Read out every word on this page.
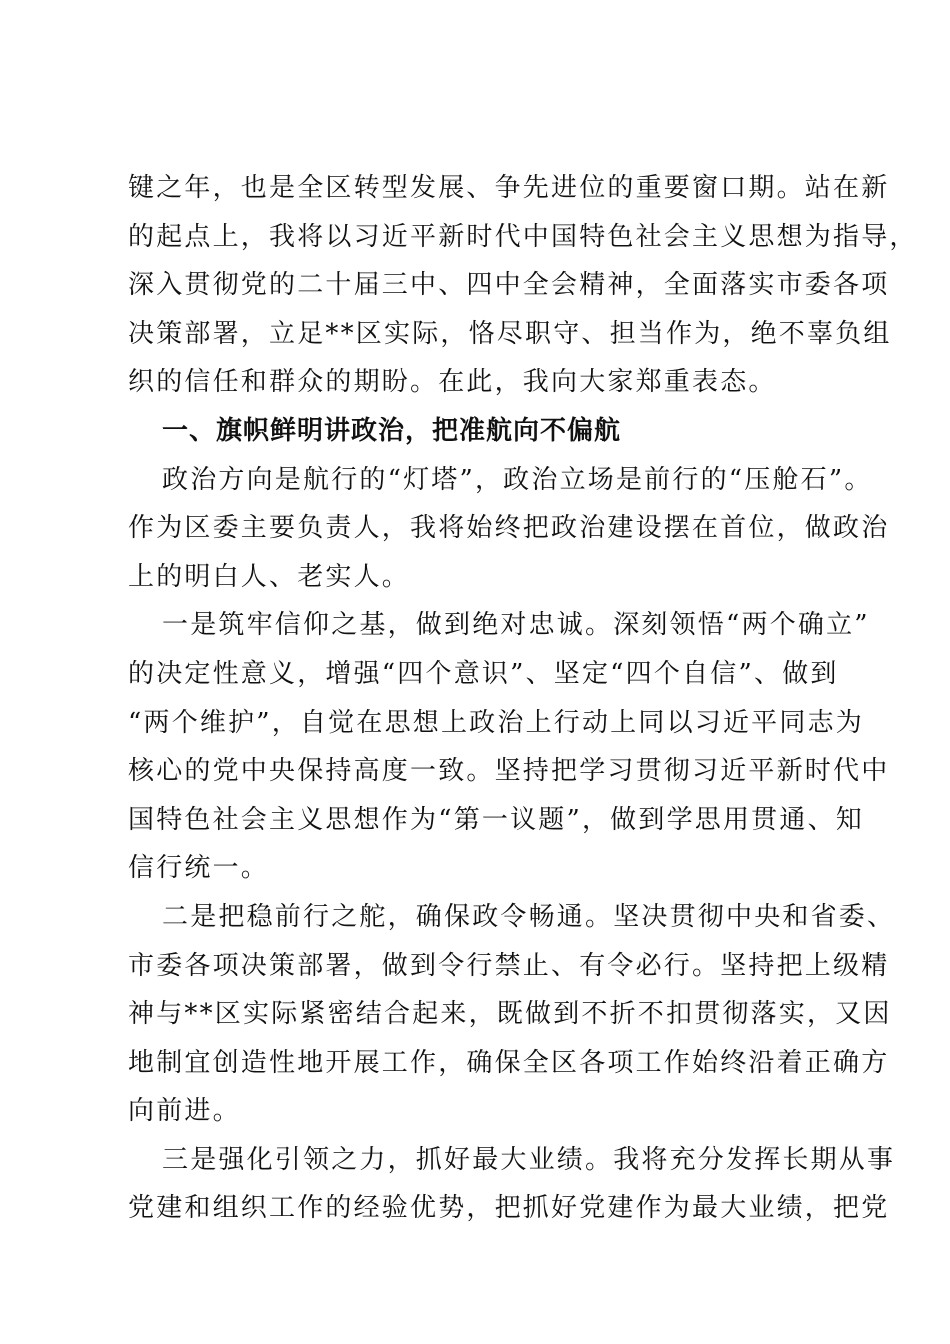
键之年，也是全区转型发展、争先进位的重要窗口期。站在新
的起点上，我将以习近平新时代中国特色社会主义思想为指导，
深入贯彻党的二十届三中、四中全会精神，全面落实市委各项
决策部署，立足**区实际，恪尽职守、担当作为，绝不辜负组
织的信任和群众的期盼。在此，我向大家郑重表态。
一、旗帜鲜明讲政治，把准航向不偏航
政治方向是航行的“灯塔”，政治立场是前行的“压舱石”。
作为区委主要负责人，我将始终把政治建设摆在首位，做政治
上的明白人、老实人。
一是筑牢信仰之基，做到绝对忠诚。深刻领悟“两个确立”
的决定性意义，增强“四个意识”、坚定“四个自信”、做到
“两个维护”，自觉在思想上政治上行动上同以习近平同志为
核心的党中央保持高度一致。坚持把学习贯彻习近平新时代中
国特色社会主义思想作为“第一议题”，做到学思用贯通、知
信行统一。
二是把稳前行之舵，确保政令畅通。坚决贯彻中央和省委、
市委各项决策部署，做到令行禁止、有令必行。坚持把上级精
神与**区实际紧密结合起来，既做到不折不扣贯彻落实，又因
地制宜创造性地开展工作，确保全区各项工作始终沿着正确方
向前进。
三是强化引领之力，抓好最大业绩。我将充分发挥长期从事
党建和组织工作的经验优势，把抓好党建作为最大业绩，把党
